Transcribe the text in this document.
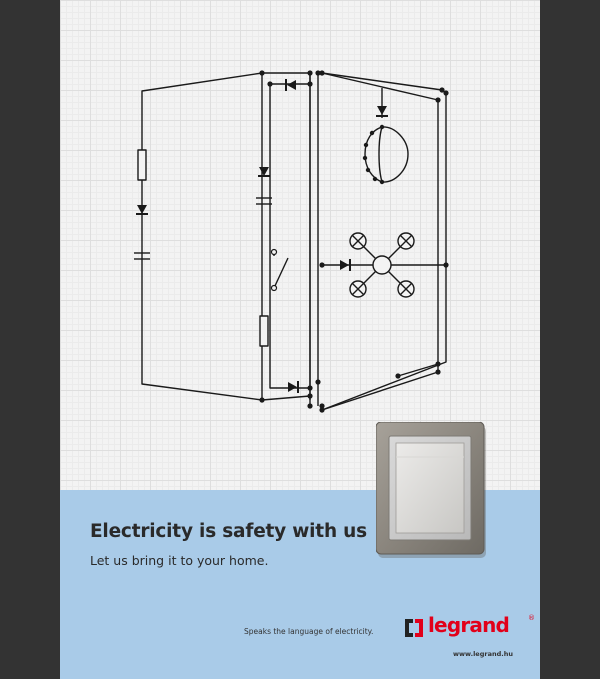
Electricity is safety with us

Let us bring it to your home.

Speaks the language of electricity.	legrand	®
www.legrand.hu
